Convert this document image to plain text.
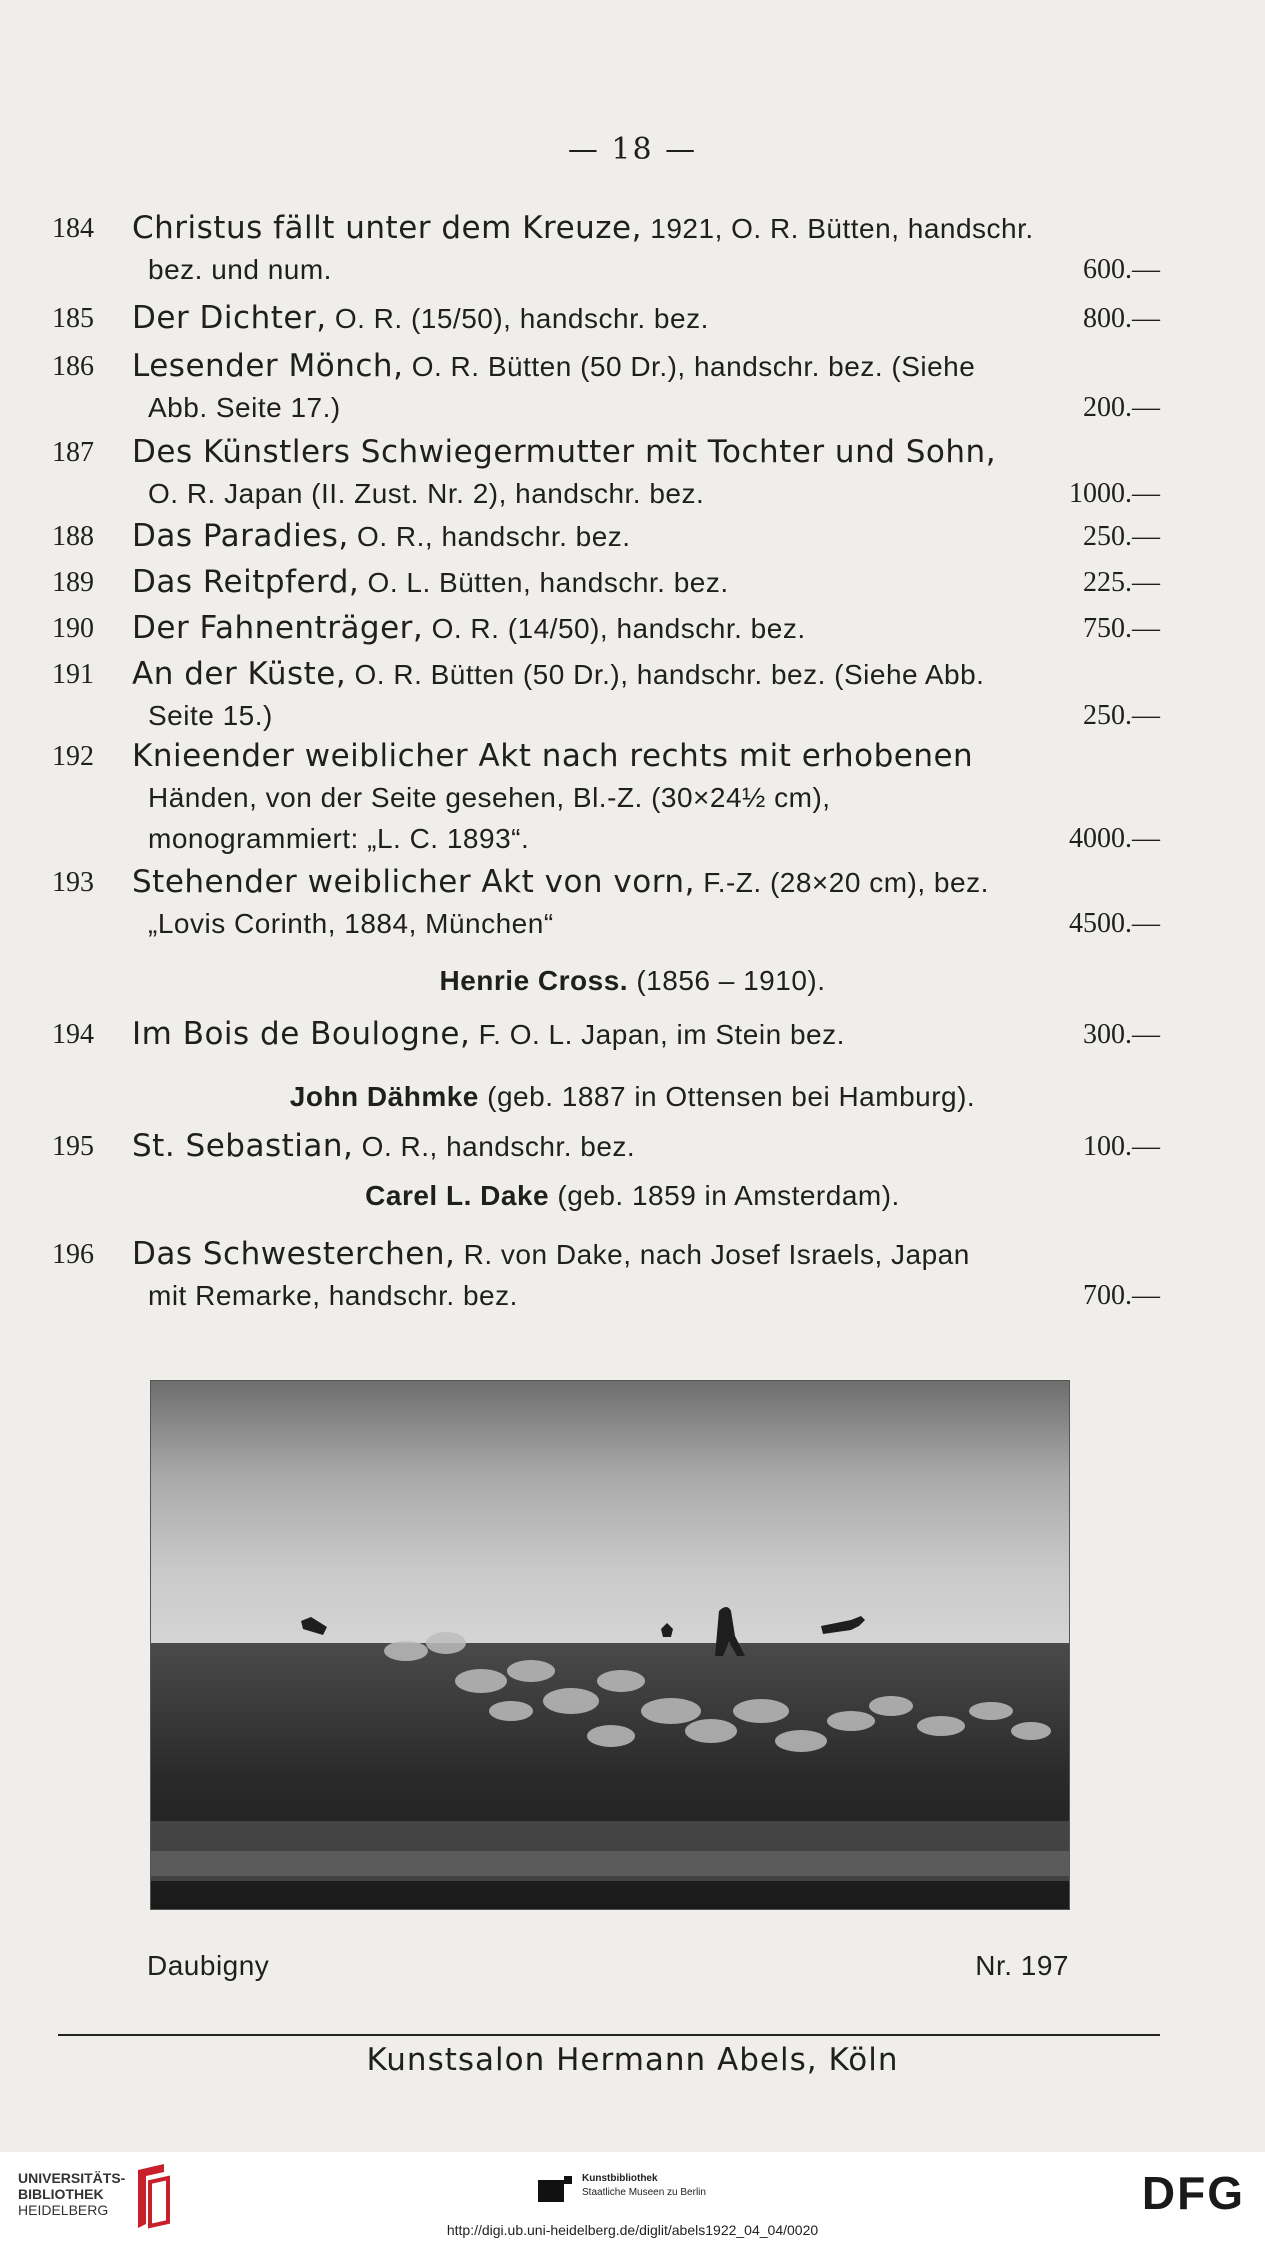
— 18 —
184	Christus fällt unter dem Kreuze, 1921, O. R. Bütten, handschr.
bez. und num.	600.—
185	Der Dichter, O. R. (15/50), handschr. bez.	800.—
186	Lesender Mönch, O. R. Bütten (50 Dr.), handschr. bez. (Siehe
Abb. Seite 17.)	200.—
187	Des Künstlers Schwiegermutter mit Tochter und Sohn,
O. R. Japan (II. Zust. Nr. 2), handschr. bez.	1000.—
188	Das Paradies, O. R., handschr. bez.	250.—
189	Das Reitpferd, O. L. Bütten, handschr. bez.	225.—
190	Der Fahnenträger, O. R. (14/50), handschr. bez.	750.—
191	An der Küste, O. R. Bütten (50 Dr.), handschr. bez. (Siehe Abb.
Seite 15.)	250.—
192	Knieender weiblicher Akt nach rechts mit erhobenen
Händen, von der Seite gesehen, Bl.-Z. (30×24½ cm),
monogrammiert: „L. C. 1893“.	4000.—
193	Stehender weiblicher Akt von vorn, F.-Z. (28×20 cm), bez.
„Lovis Corinth, 1884, München“	4500.—
Henrie Cross. (1856 – 1910).
194	Im Bois de Boulogne, F. O. L. Japan, im Stein bez.	300.—
John Dähmke (geb. 1887 in Ottensen bei Hamburg).
195	St. Sebastian, O. R., handschr. bez.	100.—
Carel L. Dake (geb. 1859 in Amsterdam).
196	Das Schwesterchen, R. von Dake, nach Josef Israels, Japan
mit Remarke, handschr. bez.	700.—
Daubigny	Nr. 197
Kunstsalon Hermann Abels, Köln
UNIVERSITÄTS-
BIBLIOTHEK
HEIDELBERG
Kunstbibliothek
Staatliche Museen zu Berlin	DFG
http://digi.ub.uni-heidelberg.de/diglit/abels1922_04_04/0020
